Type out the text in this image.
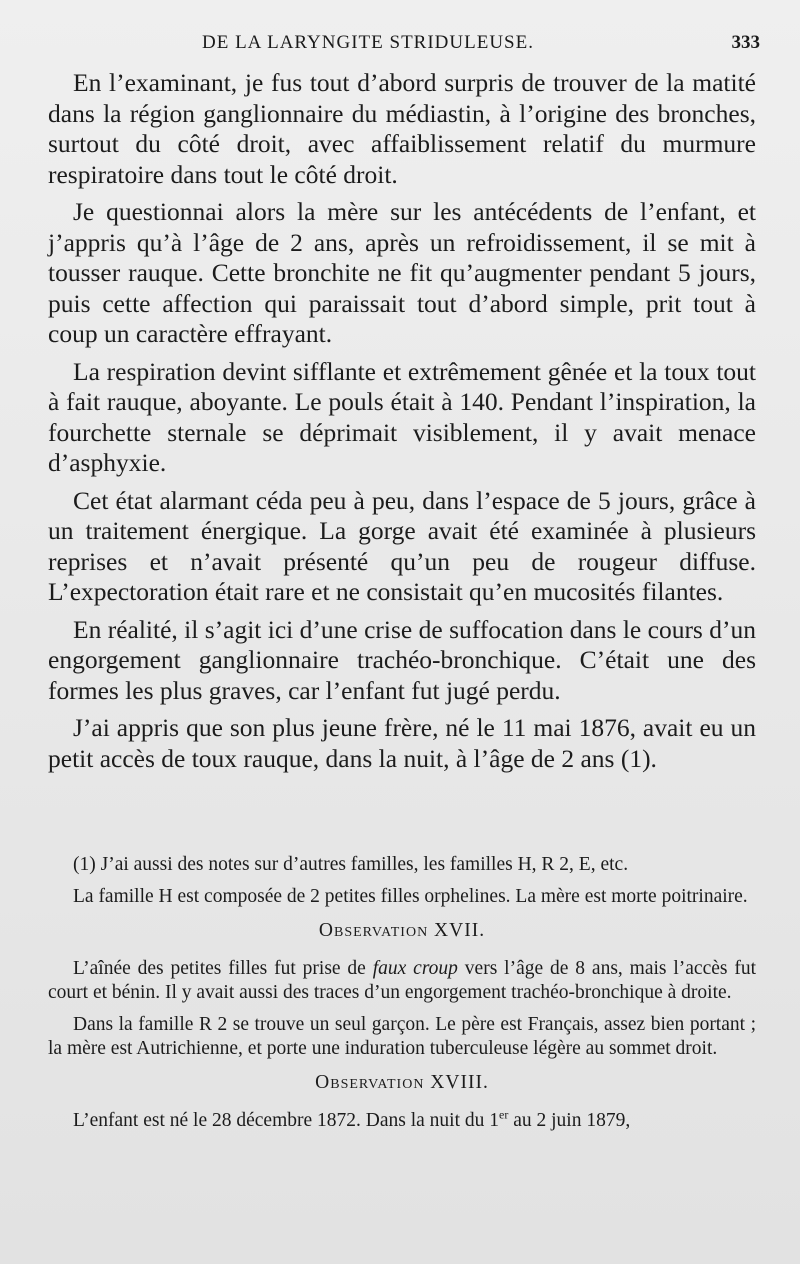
DE LA LARYNGITE STRIDULEUSE.	333

En l’examinant, je fus tout d’abord surpris de trouver de la matité dans la région ganglionnaire du médiastin, à l’origine des bronches, surtout du côté droit, avec affaiblissement relatif du murmure respiratoire dans tout le côté droit.

Je questionnai alors la mère sur les antécédents de l’enfant, et j’appris qu’à l’âge de 2 ans, après un refroidissement, il se mit à tousser rauque. Cette bronchite ne fit qu’augmenter pendant 5 jours, puis cette affection qui paraissait tout d’abord simple, prit tout à coup un caractère effrayant.

La respiration devint sifflante et extrêmement gênée et la toux tout à fait rauque, aboyante. Le pouls était à 140. Pendant l’inspiration, la fourchette sternale se déprimait visiblement, il y avait menace d’asphyxie.

Cet état alarmant céda peu à peu, dans l’espace de 5 jours, grâce à un traitement énergique. La gorge avait été examinée à plusieurs reprises et n’avait présenté qu’un peu de rougeur diffuse. L’expectoration était rare et ne consistait qu’en mucosités filantes.

En réalité, il s’agit ici d’une crise de suffocation dans le cours d’un engorgement ganglionnaire trachéo-bronchique. C’était une des formes les plus graves, car l’enfant fut jugé perdu.

J’ai appris que son plus jeune frère, né le 11 mai 1876, avait eu un petit accès de toux rauque, dans la nuit, à l’âge de 2 ans (1).

(1) J’ai aussi des notes sur d’autres familles, les familles H, R 2, E, etc.

La famille H est composée de 2 petites filles orphelines. La mère est morte poitrinaire.

Observation XVII.

L’aînée des petites filles fut prise de faux croup vers l’âge de 8 ans, mais l’accès fut court et bénin. Il y avait aussi des traces d’un engorgement trachéo-bronchique à droite.

Dans la famille R 2 se trouve un seul garçon. Le père est Français, assez bien portant ; la mère est Autrichienne, et porte une induration tuberculeuse légère au sommet droit.

Observation XVIII.

L’enfant est né le 28 décembre 1872. Dans la nuit du 1er au 2 juin 1879,
